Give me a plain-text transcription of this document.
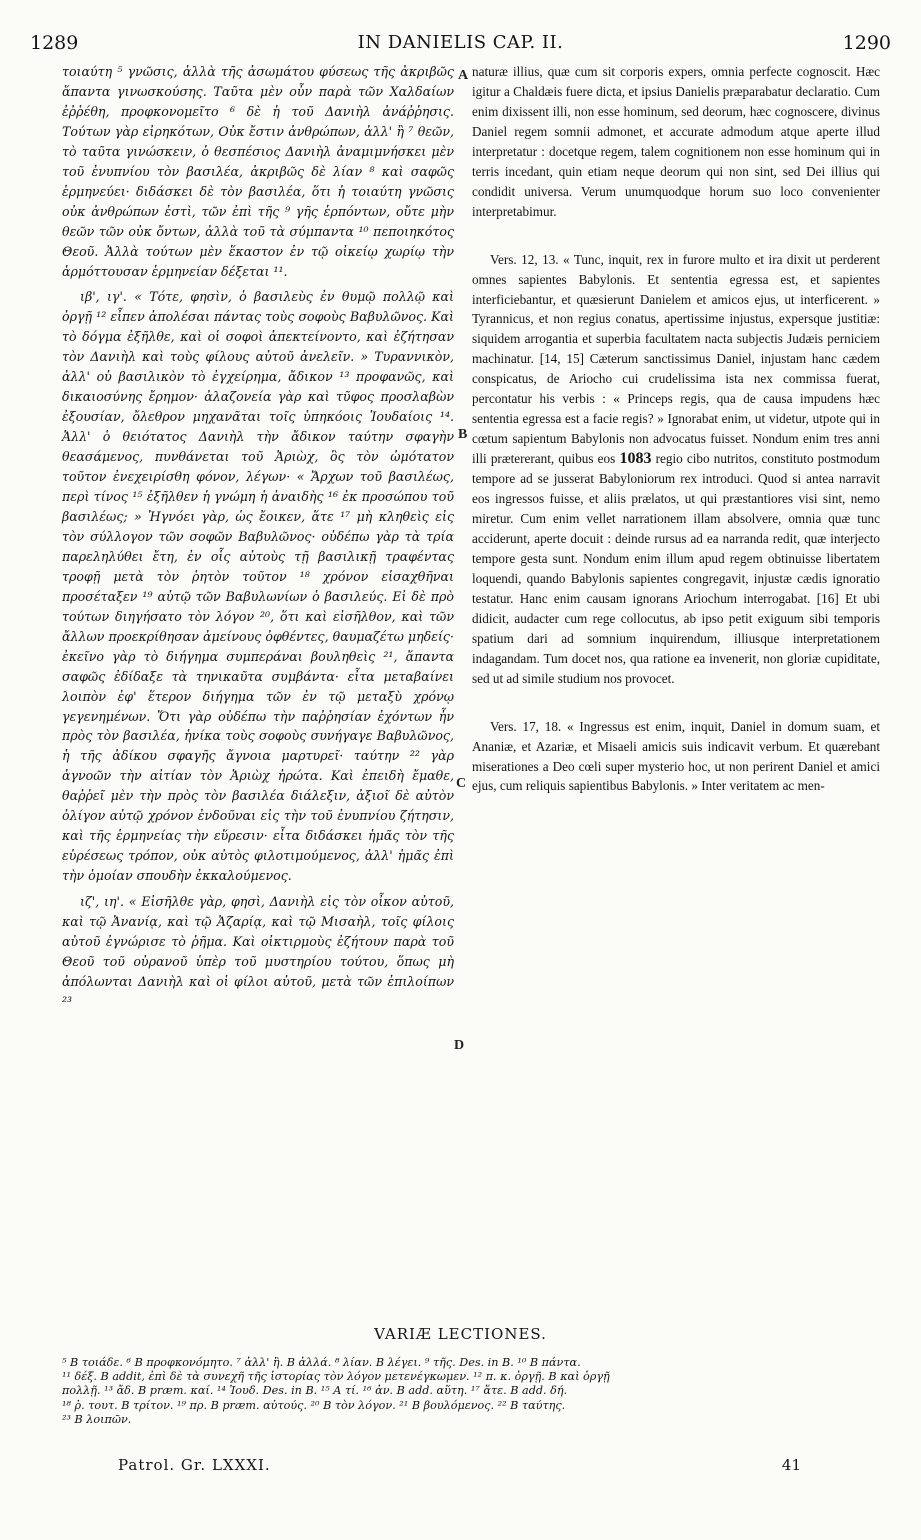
1289	IN DANIELIS CAP. II.	1290
A
B
C
D

τοιαύτη ⁵ γνῶσις, ἀλλὰ τῆς ἀσωμάτου φύσεως τῆς ἀκριβῶς ἅπαντα γινωσκούσης. Ταῦτα μὲν οὖν παρὰ τῶν Χαλδαίων ἐῤῥέθη, προφκονομεῖτο ⁶ δὲ ἡ τοῦ Δανιὴλ ἀνάῤῥησις. Τούτων γὰρ εἰρηκότων, Οὐκ ἔστιν ἀνθρώπων, ἀλλ' ἢ ⁷ θεῶν, τὸ ταῦτα γινώσκειν, ὁ θεσπέσιος Δανιὴλ ἀναμιμνήσκει μὲν τοῦ ἐνυπνίου τὸν βασιλέα, ἀκριβῶς δὲ λίαν ⁸ καὶ σαφῶς ἑρμηνεύει· διδάσκει δὲ τὸν βασιλέα, ὅτι ἡ τοιαύτη γνῶσις οὐκ ἀνθρώπων ἐστὶ, τῶν ἐπὶ τῆς ⁹ γῆς ἑρπόντων, οὔτε μὴν θεῶν τῶν οὐκ ὄντων, ἀλλὰ τοῦ τὰ σύμπαντα ¹⁰ πεποιηκότος Θεοῦ. Ἀλλὰ τούτων μὲν ἕκαστον ἐν τῷ οἰκείῳ χωρίῳ τὴν ἁρμόττουσαν ἑρμηνείαν δέξεται ¹¹.

ιβ', ιγ'. « Τότε, φησὶν, ὁ βασιλεὺς ἐν θυμῷ πολλῷ καὶ ὀργῇ ¹² εἶπεν ἀπολέσαι πάντας τοὺς σοφοὺς Βαβυλῶνος. Καὶ τὸ δόγμα ἐξῆλθε, καὶ οἱ σοφοὶ ἀπεκτείνοντο, καὶ ἐζήτησαν τὸν Δανιὴλ καὶ τοὺς φίλους αὐτοῦ ἀνελεῖν. » Τυραννικὸν, ἀλλ' οὐ βασιλικὸν τὸ ἐγχείρημα, ἄδικον ¹³ προφανῶς, καὶ δικαιοσύνης ἔρημον· ἀλαζονεία γὰρ καὶ τῦφος προσλαβὼν ἐξουσίαν, ὄλεθρον μηχανᾶται τοῖς ὑπηκόοις Ἰουδαίοις ¹⁴. Ἀλλ' ὁ θειότατος Δανιὴλ τὴν ἄδικον ταύτην σφαγὴν θεασάμενος, πυνθάνεται τοῦ Ἀριὼχ, ὃς τὸν ὠμότατον τοῦτον ἐνεχειρίσθη φόνον, λέγων· « Ἄρχων τοῦ βασιλέως, περὶ τίνος ¹⁵ ἐξῆλθεν ἡ γνώμη ἡ ἀναιδὴς ¹⁶ ἐκ προσώπου τοῦ βασιλέως; » Ἠγνόει γὰρ, ὡς ἔοικεν, ἅτε ¹⁷ μὴ κληθεὶς εἰς τὸν σύλλογον τῶν σοφῶν Βαβυλῶνος· οὐδέπω γὰρ τὰ τρία παρεληλύθει ἔτη, ἐν οἷς αὐτοὺς τῇ βασιλικῇ τραφέντας τροφῇ μετὰ τὸν ῥητὸν τοῦτον ¹⁸ χρόνον εἰσαχθῆναι προσέταξεν ¹⁹ αὐτῷ τῶν Βαβυλωνίων ὁ βασιλεύς. Εἰ δὲ πρὸ τούτων διηγήσατο τὸν λόγον ²⁰, ὅτι καὶ εἰσῆλθον, καὶ τῶν ἄλλων προεκρίθησαν ἀμείνους ὀφθέντες, θαυμαζέτω μηδείς· ἐκεῖνο γὰρ τὸ διήγημα συμπεράναι βουληθεὶς ²¹, ἅπαντα σαφῶς ἐδίδαξε τὰ τηνικαῦτα συμβάντα· εἶτα μεταβαίνει λοιπὸν ἐφ' ἕτερον διήγημα τῶν ἐν τῷ μεταξὺ χρόνῳ γεγενημένων. Ὅτι γὰρ οὐδέπω τὴν παῤῥησίαν ἐχόντων ἦν πρὸς τὸν βασιλέα, ἡνίκα τοὺς σοφοὺς συνήγαγε Βαβυλῶνος, ἡ τῆς ἀδίκου σφαγῆς ἄγνοια μαρτυρεῖ· ταύτην ²² γὰρ ἀγνοῶν τὴν αἰτίαν τὸν Ἀριὼχ ἠρώτα. Καὶ ἐπειδὴ ἔμαθε, θαῤῥεῖ μὲν τὴν πρὸς τὸν βασιλέα διάλεξιν, ἀξιοῖ δὲ αὐτὸν ὀλίγον αὐτῷ χρόνον ἐνδοῦναι εἰς τὴν τοῦ ἐνυπνίου ζήτησιν, καὶ τῆς ἑρμηνείας τὴν εὕρεσιν· εἶτα διδάσκει ἡμᾶς τὸν τῆς εὑρέσεως τρόπον, οὐκ αὐτὸς φιλοτιμούμενος, ἀλλ' ἡμᾶς ἐπὶ τὴν ὁμοίαν σπουδὴν ἐκκαλούμενος.

ιζ', ιη'. « Εἰσῆλθε γὰρ, φησὶ, Δανιὴλ εἰς τὸν οἶκον αὐτοῦ, καὶ τῷ Ἀνανίᾳ, καὶ τῷ Ἀζαρίᾳ, καὶ τῷ Μισαὴλ, τοῖς φίλοις αὐτοῦ ἐγνώρισε τὸ ῥῆμα. Καὶ οἰκτιρμοὺς ἐζήτουν παρὰ τοῦ Θεοῦ τοῦ οὐρανοῦ ὑπὲρ τοῦ μυστηρίου τούτου, ὅπως μὴ ἀπόλωνται Δανιὴλ καὶ οἱ φίλοι αὐτοῦ, μετὰ τῶν ἐπιλοίπων ²³

naturæ illius, quæ cum sit corporis expers, omnia perfecte cognoscit. Hæc igitur a Chaldæis fuere dicta, et ipsius Danielis præparabatur declaratio. Cum enim dixissent illi, non esse hominum, sed deorum, hæc cognoscere, divinus Daniel regem somnii admonet, et accurate admodum atque aperte illud interpretatur : docetque regem, talem cognitionem non esse hominum qui in terris incedant, quin etiam neque deorum qui non sint, sed Dei illius qui condidit universa. Verum unumquodque horum suo loco convenienter interpretabimur.

Vers. 12, 13. « Tunc, inquit, rex in furore multo et ira dixit ut perderent omnes sapientes Babylonis. Et sententia egressa est, et sapientes interficiebantur, et quæsierunt Danielem et amicos ejus, ut interficerent. » Tyrannicus, et non regius conatus, apertissime injustus, expersque justitiæ: siquidem arrogantia et superbia facultatem nacta subjectis Judæis perniciem machinatur. [14, 15] Cæterum sanctissimus Daniel, injustam hanc cædem conspicatus, de Ariocho cui crudelissima ista nex commissa fuerat, percontatur his verbis : « Princeps regis, qua de causa impudens hæc sententia egressa est a facie regis? » Ignorabat enim, ut videtur, utpote qui in cœtum sapientum Babylonis non advocatus fuisset. Nondum enim tres anni illi prætererant, quibus eos 1083 regio cibo nutritos, constituto postmodum tempore ad se jusserat Babyloniorum rex introduci. Quod si antea narravit eos ingressos fuisse, et aliis prælatos, ut qui præstantiores visi sint, nemo miretur. Cum enim vellet narrationem illam absolvere, omnia quæ tunc acciderunt, aperte docuit : deinde rursus ad ea narranda redit, quæ interjecto tempore gesta sunt. Nondum enim illum apud regem obtinuisse libertatem loquendi, quando Babylonis sapientes congregavit, injustæ cædis ignoratio testatur. Hanc enim causam ignorans Ariochum interrogabat. [16] Et ubi didicit, audacter cum rege collocutus, ab ipso petit exiguum sibi temporis spatium dari ad somnium inquirendum, illiusque interpretationem indagandam. Tum docet nos, qua ratione ea invenerit, non gloriæ cupiditate, sed ut ad simile studium nos provocet.

Vers. 17, 18. « Ingressus est enim, inquit, Daniel in domum suam, et Ananiæ, et Azariæ, et Misaeli amicis suis indicavit verbum. Et quærebant miserationes a Deo cœli super mysterio hoc, ut non perirent Daniel et amici ejus, cum reliquis sapientibus Babylonis. » Inter veritatem ac men-

VARIÆ LECTIONES.

⁵ B τοιάδε. ⁶ B προφκονόμητο. ⁷ ἀλλ' ἢ. B ἀλλά. ⁸ λίαν. B λέγει. ⁹ τῆς. Des. in B. ¹⁰ B πάντα.

¹¹ δέξ. B addit, ἐπὶ δὲ τὰ συνεχῆ τῆς ἱστορίας τὸν λόγον μετενέγκωμεν. ¹² π. κ. ὀργῇ. B καὶ ὀργῇ

πολλῇ. ¹³ ἄδ. B præm. καί. ¹⁴ Ἰουδ. Des. in B. ¹⁵ A τί. ¹⁶ ἀν. B add. αὕτη. ¹⁷ ἅτε. B add. δή.

¹⁸ ῥ. τουτ. B τρίτον. ¹⁹ πρ. B præm. αὐτούς. ²⁰ B τὸν λόγον. ²¹ B βουλόμενος. ²² B ταύτης.

²³ B λοιπῶν.

Patrol. Gr. LXXXI.	41
